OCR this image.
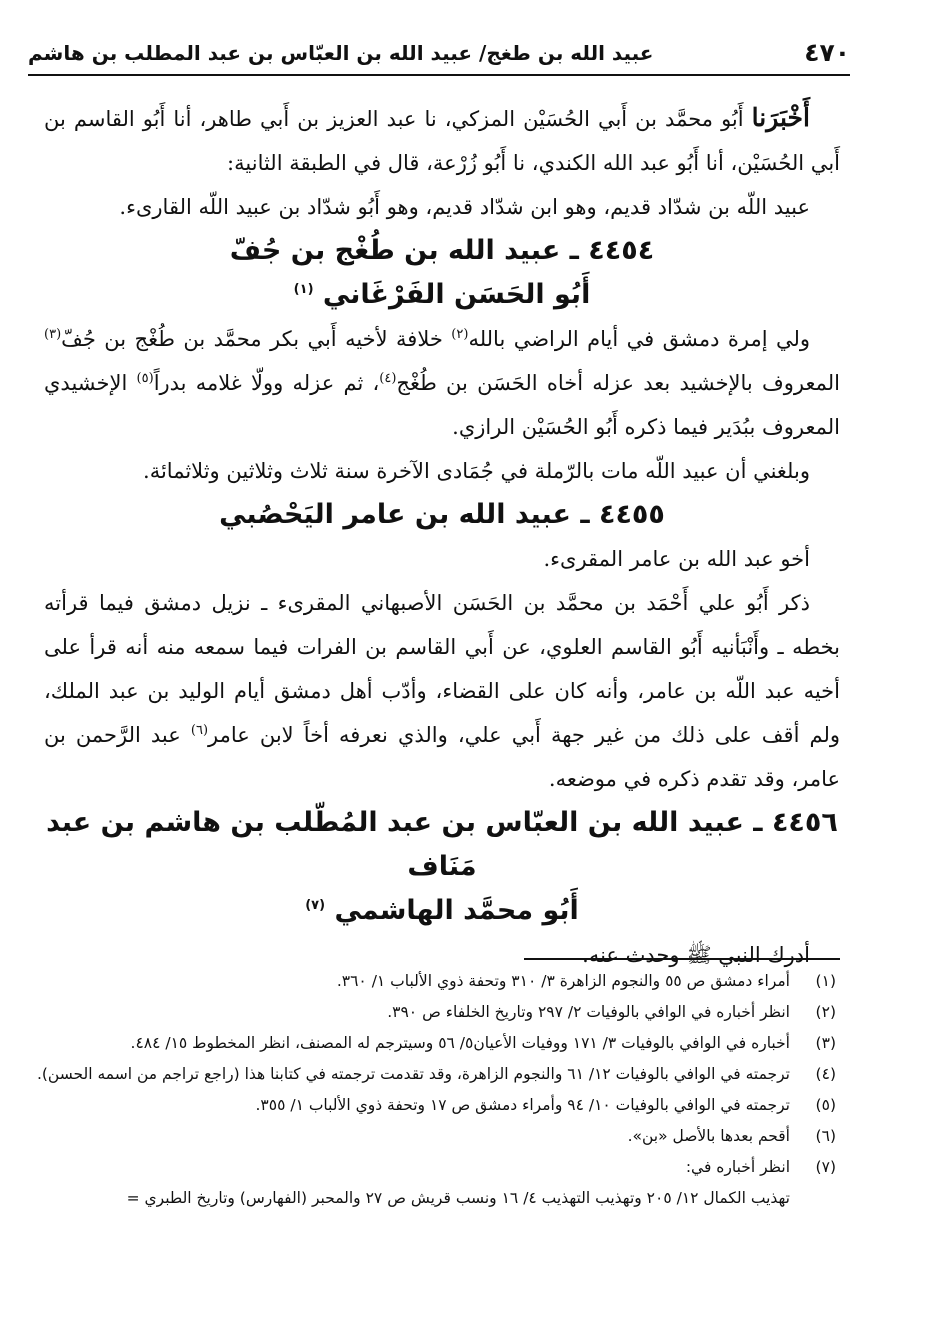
٤٧٠
عبيد الله بن طغج/ عبيد الله بن العبّاس بن عبد المطلب بن هاشم

أَخْبَرَنا أَبُو محمَّد بن أَبي الحُسَيْن المزكي، نا عبد العزيز بن أَبي طاهر، أنا أَبُو القاسم بن أَبي الحُسَيْن، أنا أَبُو عبد الله الكندي، نا أَبُو زُرْعة، قال في الطبقة الثانية:

عبيد اللّه بن شدّاد قديم، وهو ابن شدّاد قديم، وهو أَبُو شدّاد بن عبيد اللّه القارىء.

٤٤٥٤ ـ عبيد الله بن طُغْج بن جُفّ

أَبُو الحَسَن الفَرْغَاني $^{(١)}$

ولي إمرة دمشق في أيام الراضي بالله$^{(٢)}$ خلافة لأخيه أَبي بكر محمَّد بن طُغْج بن جُفّ$^{(٣)}$ المعروف بالإخشيد بعد عزله أخاه الحَسَن بن طُغْج$^{(٤)}$، ثم عزله وولّا غلامه بدراً$^{(٥)}$ الإخشيدي المعروف ببُدَير فيما ذكره أَبُو الحُسَيْن الرازي.

وبلغني أن عبيد اللّه مات بالرّملة في جُمَادى الآخرة سنة ثلاث وثلاثين وثلاثمائة.

٤٤٥٥ ـ عبيد الله بن عامر اليَحْصُبي

أخو عبد الله بن عامر المقرىء.

ذكر أَبُو علي أَحْمَد بن محمَّد بن الحَسَن الأصبهاني المقرىء ـ نزيل دمشق فيما قرأته بخطه ـ وأَنْبَأنيه أَبُو القاسم العلوي، عن أَبي القاسم بن الفرات فيما سمعه منه أنه قرأ على أخيه عبد اللّه بن عامر، وأنه كان على القضاء، وأدّب أهل دمشق أيام الوليد بن عبد الملك، ولم أقف على ذلك من غير جهة أَبي علي، والذي نعرفه أخاً لابن عامر$^{(٦)}$ عبد الرَّحمن بن عامر، وقد تقدم ذكره في موضعه.

٤٤٥٦ ـ عبيد الله بن العبّاس بن عبد المُطّلب بن هاشم بن عبد مَنَاف

أَبُو محمَّد الهاشمي $^{(٧)}$

أدرك النبي ﷺ وحدث عنه.

(١)
أمراء دمشق ص ٥٥ والنجوم الزاهرة ٣/ ٣١٠ وتحفة ذوي الألباب ١/ ٣٦٠.
(٢)
انظر أخباره في الوافي بالوفيات ٢/ ٢٩٧ وتاريخ الخلفاء ص ٣٩٠.
(٣)
أخباره في الوافي بالوفيات ٣/ ١٧١ ووفيات الأعيان٥/ ٥٦ وسيترجم له المصنف، انظر المخطوط ١٥/ ٤٨٤.
(٤)
ترجمته في الوافي بالوفيات ١٢/ ٦١ والنجوم الزاهرة، وقد تقدمت ترجمته في كتابنا هذا (راجع تراجم من اسمه الحسن).
(٥)
ترجمته في الوافي بالوفيات ١٠/ ٩٤ وأمراء دمشق ص ١٧ وتحفة ذوي الألباب ١/ ٣٥٥.
(٦)
أقحم بعدها بالأصل «بن».
(٧)
انظر أخباره في:
تهذيب الكمال ١٢/ ٢٠٥ وتهذيب التهذيب ٤/ ١٦ ونسب قريش ص ٢٧ والمحبر (الفهارس) وتاريخ الطبري =
